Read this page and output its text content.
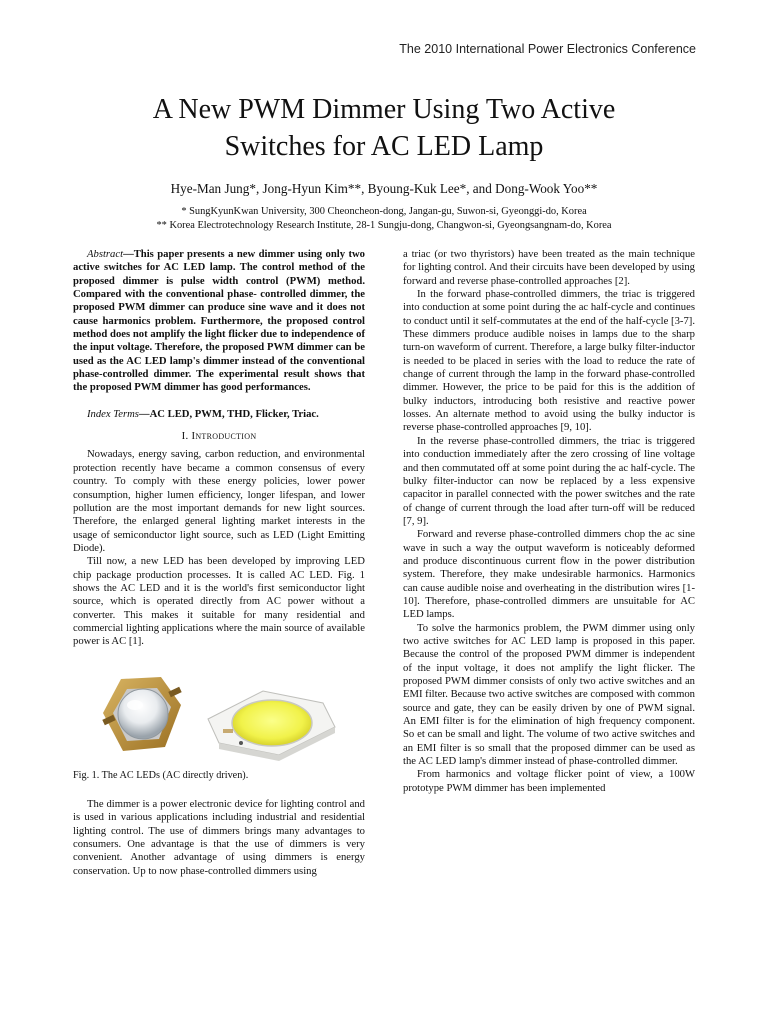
The 2010 International Power Electronics Conference
A New PWM Dimmer Using Two Active
Switches for AC LED Lamp
Hye-Man Jung*, Jong-Hyun Kim**, Byoung-Kuk Lee*, and Dong-Wook Yoo**
* SungKyunKwan University, 300 Cheoncheon-dong, Jangan-gu, Suwon-si, Gyeonggi-do, Korea
** Korea Electrotechnology Research Institute, 28-1 Sungju-dong, Changwon-si, Gyeongsangnam-do, Korea

Abstract—This paper presents a new dimmer using only two active switches for AC LED lamp. The control method of the proposed dimmer is pulse width control (PWM) method. Compared with the conventional phase- controlled dimmer, the proposed PWM dimmer can produce sine wave and it does not cause harmonics problem. Furthermore, the proposed control method does not amplify the light flicker due to independence of the input voltage. Therefore, the proposed PWM dimmer can be used as the AC LED lamp's dimmer instead of the conventional phase-controlled dimmer. The experimental result shows that the proposed PWM dimmer has good performances.

Index Terms—AC LED, PWM, THD, Flicker, Triac.

I. Introduction

Nowadays, energy saving, carbon reduction, and environmental protection recently have became a common consensus of every country. To comply with these energy policies, lower power consumption, higher lumen efficiency, longer lifespan, and lower pollution are the most important demands for new light sources. Therefore, the enlarged general lighting market interests in the usage of semiconductor light source, such as LED (Light Emitting Diode).

Till now, a new LED has been developed by improving LED chip package production processes. It is called AC LED. Fig. 1 shows the AC LED and it is the world's first semiconductor light source, which is operated directly from AC power without a converter. This makes it suitable for many residential and commercial lighting applications where the main source of available power is AC [1].

Fig. 1. The AC LEDs (AC directly driven).

The dimmer is a power electronic device for lighting control and is used in various applications including industrial and residential lighting control. The use of dimmers brings many advantages to consumers. One advantage is that the use of dimmers is very convenient. Another advantage of using dimmers is energy conservation. Up to now phase-controlled dimmers using

a triac (or two thyristors) have been treated as the main technique for lighting control. And their circuits have been developed by using forward and reverse phase-controlled approaches [2].

In the forward phase-controlled dimmers, the triac is triggered into conduction at some point during the ac half-cycle and continues to conduct until it self-commutates at the end of the half-cycle [3-7]. These dimmers produce audible noises in lamps due to the sharp turn-on waveform of current. Therefore, a large bulky filter-inductor is needed to be placed in series with the load to reduce the rate of change of current through the lamp in the forward phase-controlled dimmer. However, the price to be paid for this is the addition of bulky inductors, introducing both resistive and reactive power losses. An alternate method to avoid using the bulky inductor is reverse phase-controlled approaches [9, 10].

In the reverse phase-controlled dimmers, the triac is triggered into conduction immediately after the zero crossing of line voltage and then commutated off at some point during the ac half-cycle. The bulky filter-inductor can now be replaced by a less expensive capacitor in parallel connected with the power switches and the rate of change of current through the load after turn-off will be reduced [7, 9].

Forward and reverse phase-controlled dimmers chop the ac sine wave in such a way the output waveform is noticeably deformed and produce discontinuous current flow in the power distribution system. Therefore, they make undesirable harmonics. Harmonics can cause audible noise and overheating in the distribution wires [1-10]. Therefore, phase-controlled dimmers are unsuitable for AC LED lamps.

To solve the harmonics problem, the PWM dimmer using only two active switches for AC LED lamp is proposed in this paper. Because the control of the proposed PWM dimmer is independent of the input voltage, it does not amplify the light flicker. The proposed PWM dimmer consists of only two active switches and an EMI filter. Because two active switches are composed with common source and gate, they can be easily driven by one of PWM signal. An EMI filter is for the elimination of high frequency component. So et can be small and light. The volume of two active switches and an EMI filter is so small that the proposed dimmer can be used as the AC LED lamp's dimmer instead of phase-controlled dimmer.

From harmonics and voltage flicker point of view, a 100W prototype PWM dimmer has been implemented
